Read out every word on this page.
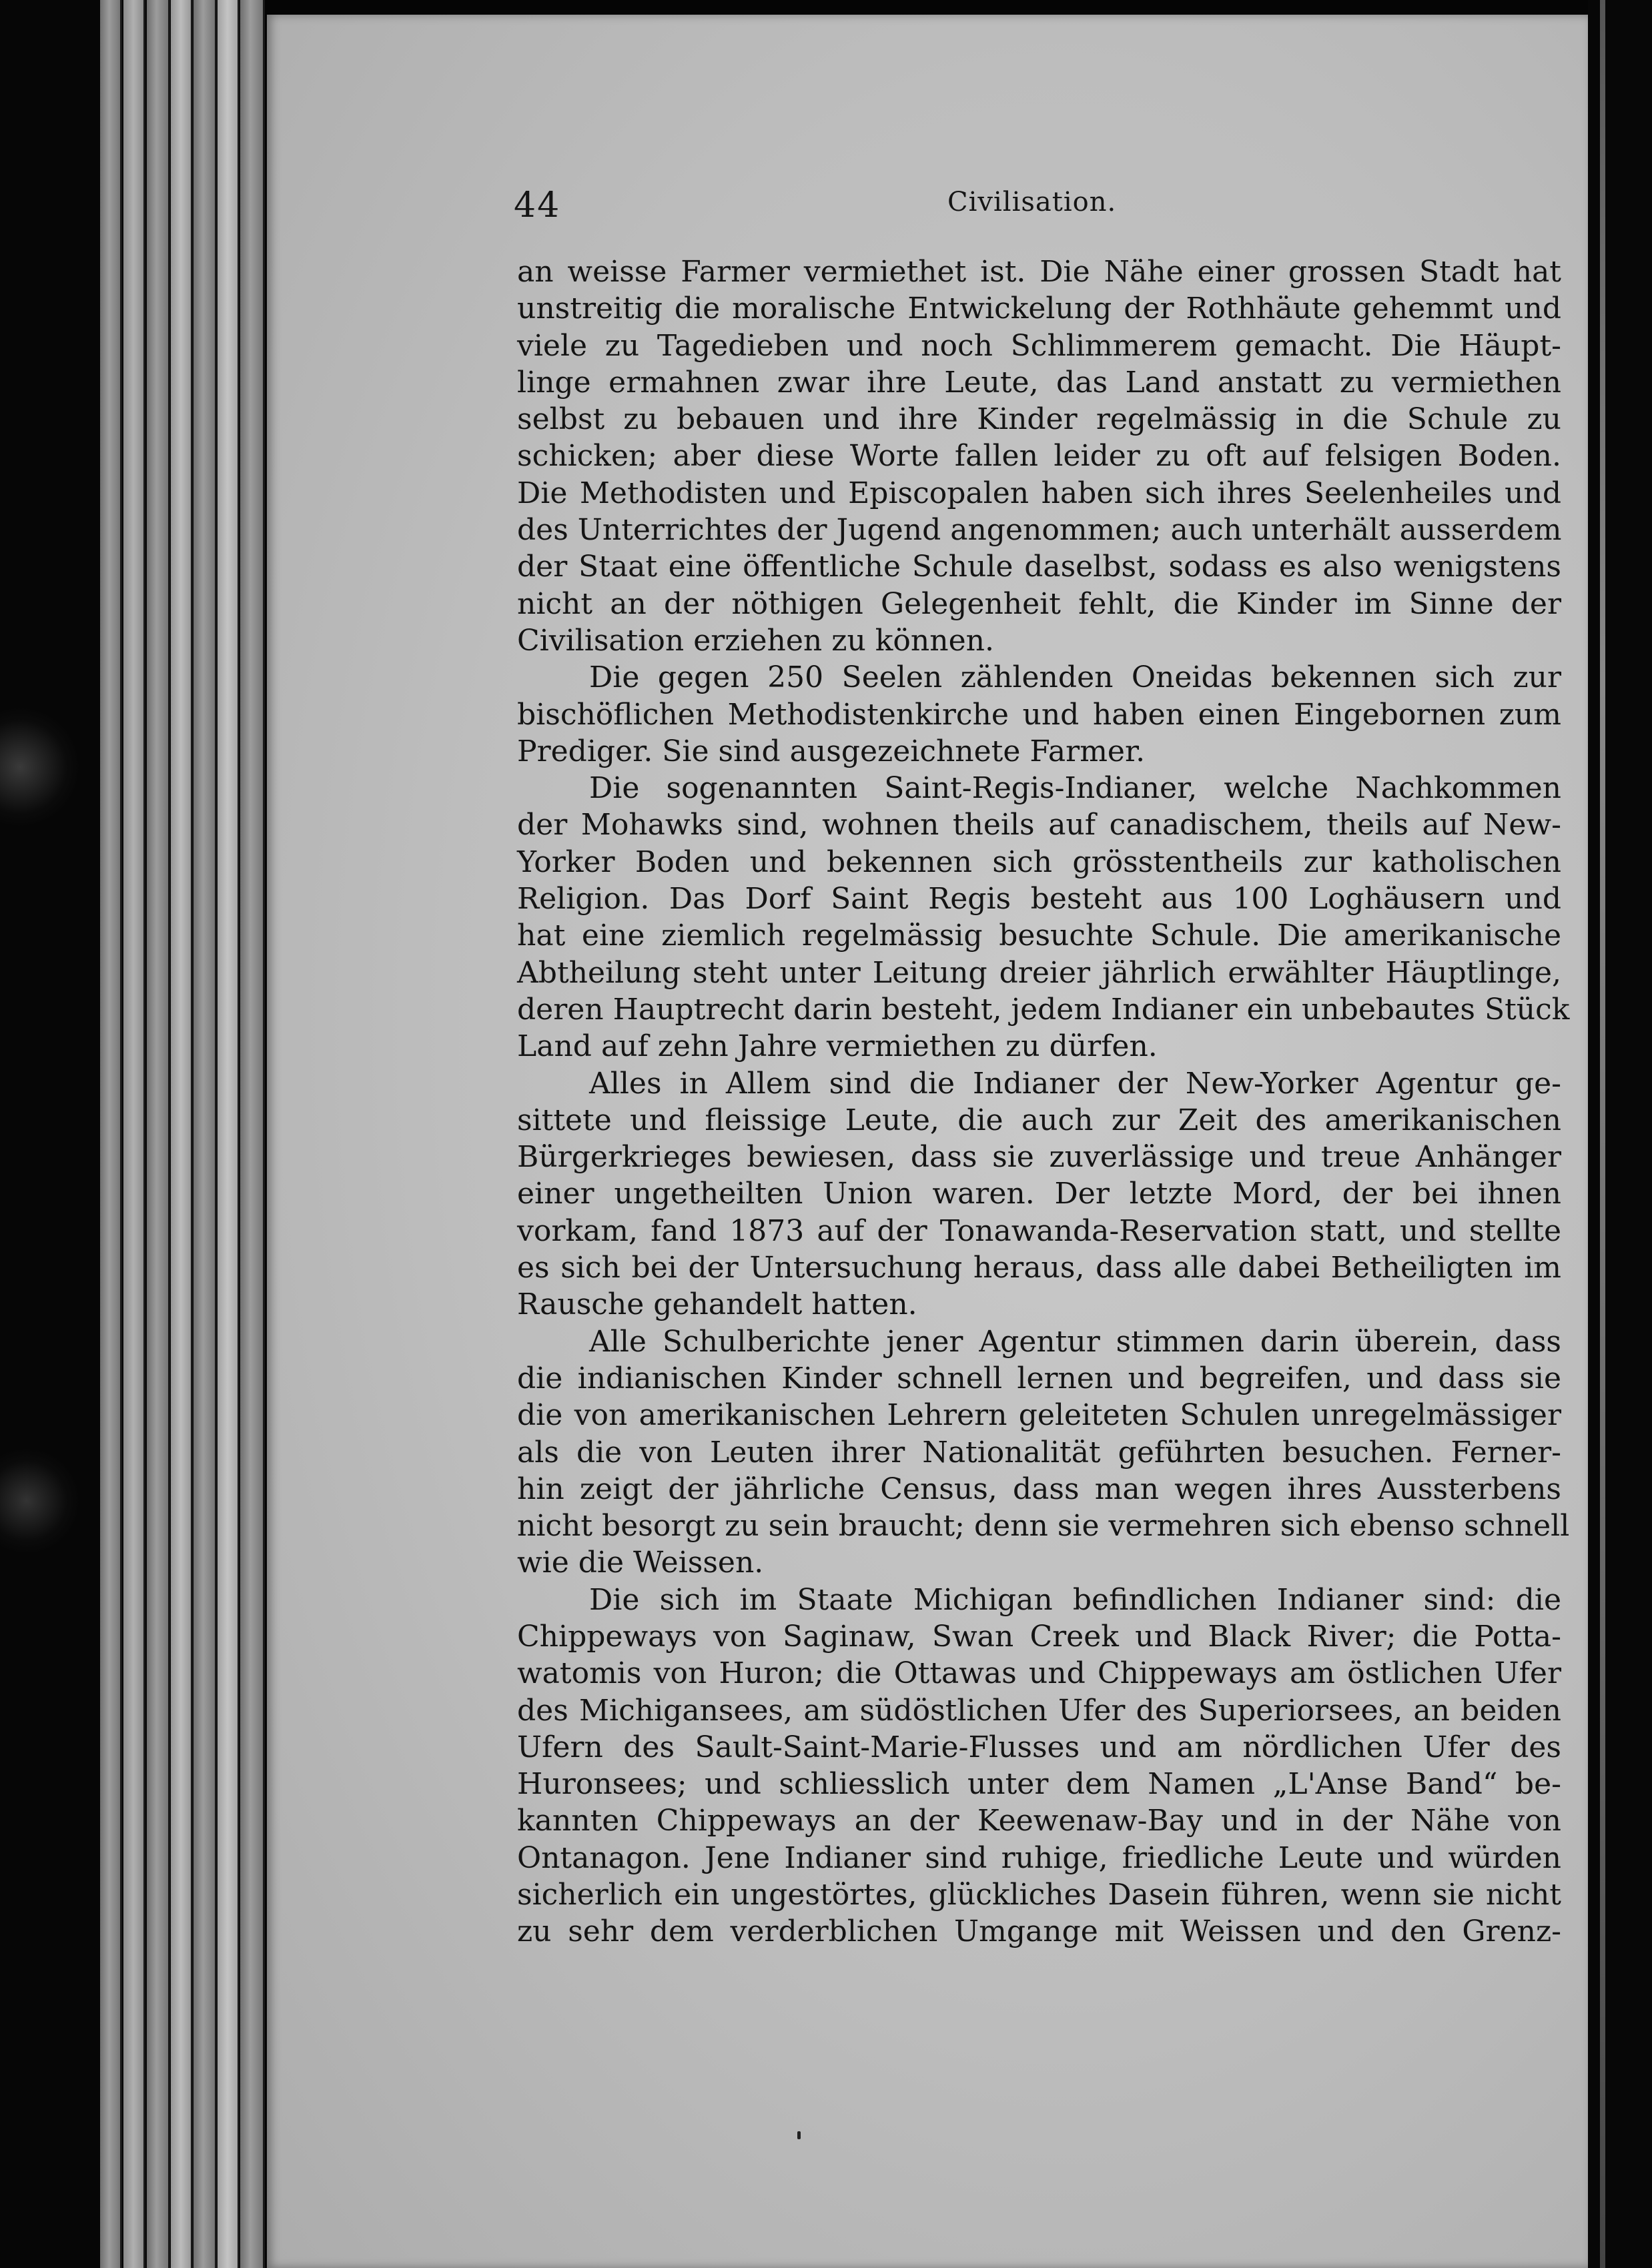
44	Civilisation.
an weisse Farmer vermiethet ist. Die Nähe einer grossen Stadt hat
unstreitig die moralische Entwickelung der Rothhäute gehemmt und
viele zu Tagedieben und noch Schlimmerem gemacht. Die Häupt-
linge ermahnen zwar ihre Leute, das Land anstatt zu vermiethen
selbst zu bebauen und ihre Kinder regelmässig in die Schule zu
schicken; aber diese Worte fallen leider zu oft auf felsigen Boden.
Die Methodisten und Episcopalen haben sich ihres Seelenheiles und
des Unterrichtes der Jugend angenommen; auch unterhält ausserdem
der Staat eine öffentliche Schule daselbst, sodass es also wenigstens
nicht an der nöthigen Gelegenheit fehlt, die Kinder im Sinne der
Civilisation erziehen zu können.
Die gegen 250 Seelen zählenden Oneidas bekennen sich zur
bischöflichen Methodistenkirche und haben einen Eingebornen zum
Prediger. Sie sind ausgezeichnete Farmer.
Die sogenannten Saint-Regis-Indianer, welche Nachkommen
der Mohawks sind, wohnen theils auf canadischem, theils auf New-
Yorker Boden und bekennen sich grösstentheils zur katholischen
Religion. Das Dorf Saint Regis besteht aus 100 Loghäusern und
hat eine ziemlich regelmässig besuchte Schule. Die amerikanische
Abtheilung steht unter Leitung dreier jährlich erwählter Häuptlinge,
deren Hauptrecht darin besteht, jedem Indianer ein unbebautes Stück
Land auf zehn Jahre vermiethen zu dürfen.
Alles in Allem sind die Indianer der New-Yorker Agentur ge-
sittete und fleissige Leute, die auch zur Zeit des amerikanischen
Bürgerkrieges bewiesen, dass sie zuverlässige und treue Anhänger
einer ungetheilten Union waren. Der letzte Mord, der bei ihnen
vorkam, fand 1873 auf der Tonawanda-Reservation statt, und stellte
es sich bei der Untersuchung heraus, dass alle dabei Betheiligten im
Rausche gehandelt hatten.
Alle Schulberichte jener Agentur stimmen darin überein, dass
die indianischen Kinder schnell lernen und begreifen, und dass sie
die von amerikanischen Lehrern geleiteten Schulen unregelmässiger
als die von Leuten ihrer Nationalität geführten besuchen. Ferner-
hin zeigt der jährliche Census, dass man wegen ihres Aussterbens
nicht besorgt zu sein braucht; denn sie vermehren sich ebenso schnell
wie die Weissen.
Die sich im Staate Michigan befindlichen Indianer sind: die
Chippeways von Saginaw, Swan Creek und Black River; die Potta-
watomis von Huron; die Ottawas und Chippeways am östlichen Ufer
des Michigansees, am südöstlichen Ufer des Superiorsees, an beiden
Ufern des Sault-Saint-Marie-Flusses und am nördlichen Ufer des
Huronsees; und schliesslich unter dem Namen „L'Anse Band“ be-
kannten Chippeways an der Keewenaw-Bay und in der Nähe von
Ontanagon. Jene Indianer sind ruhige, friedliche Leute und würden
sicherlich ein ungestörtes, glückliches Dasein führen, wenn sie nicht
zu sehr dem verderblichen Umgange mit Weissen und den Grenz-
